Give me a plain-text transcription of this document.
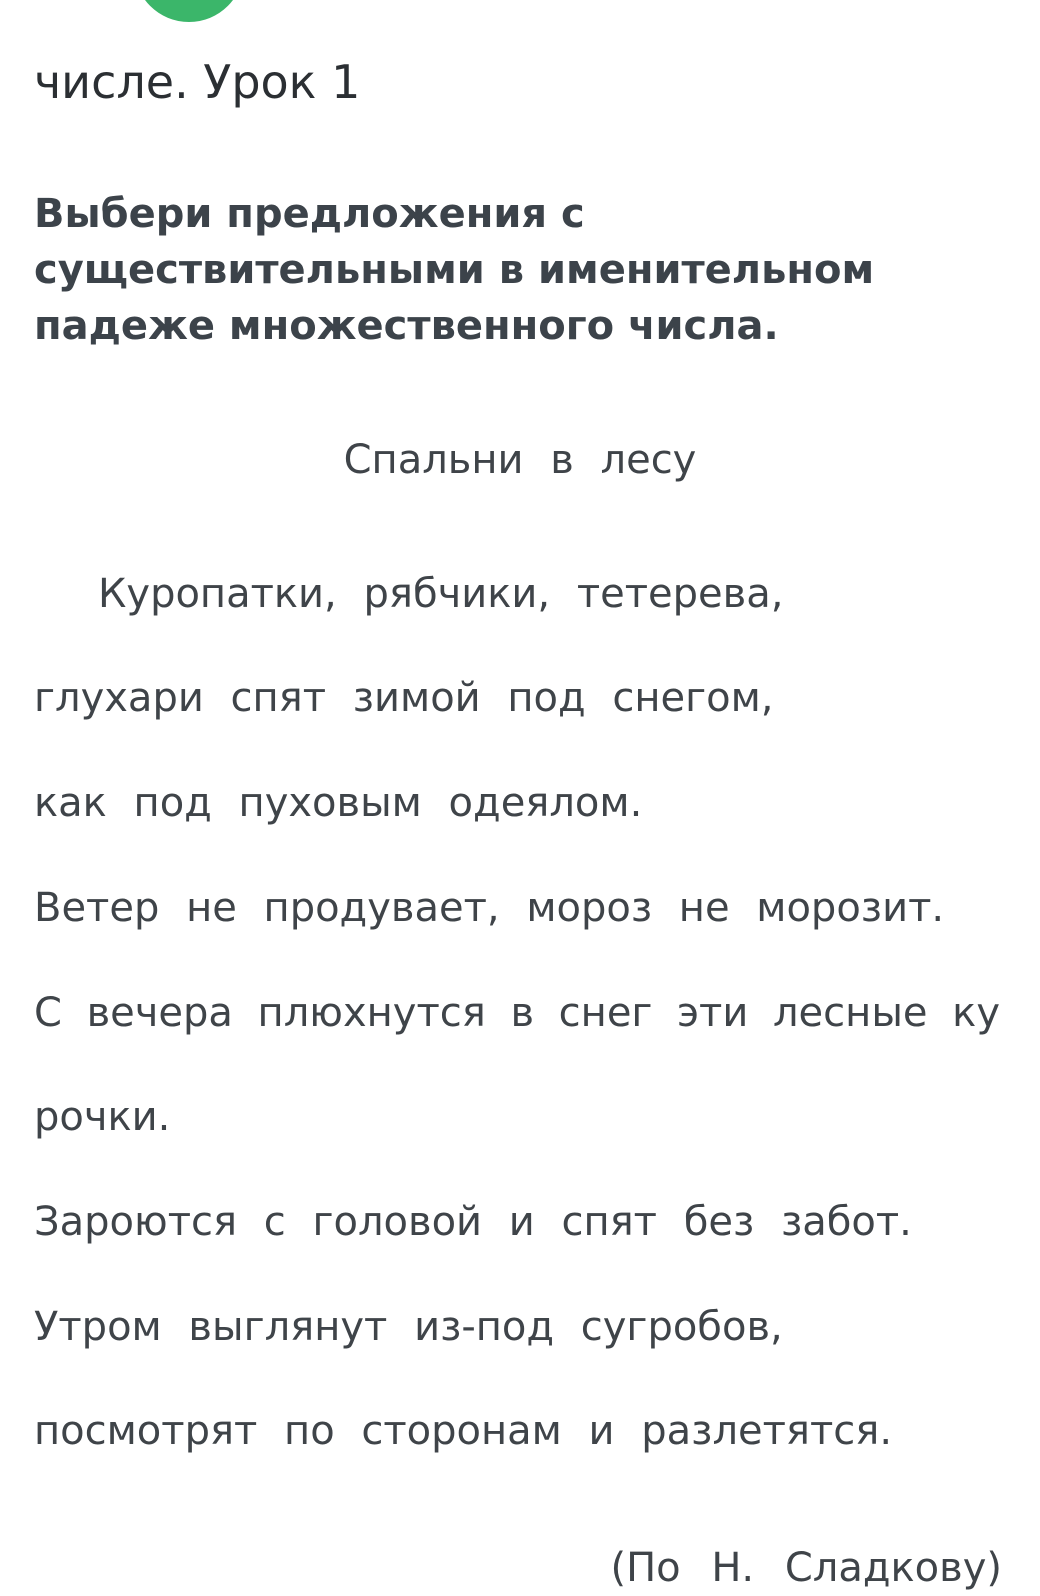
числе. Урок 1
Выбери предложения с существительными в именительном падеже множественного числа.
Спальни в лесу
Куропатки, рябчики, тетерева,
глухари спят зимой под снегом,
как под пуховым одеялом.
Ветер не продувает, мороз не морозит.
С вечера плюхнутся в снег эти лесные ку
рочки.
Зароются с головой и спят без забот.
Утром выглянут из-под сугробов,
посмотрят по сторонам и разлетятся.
(По Н. Сладкову)
